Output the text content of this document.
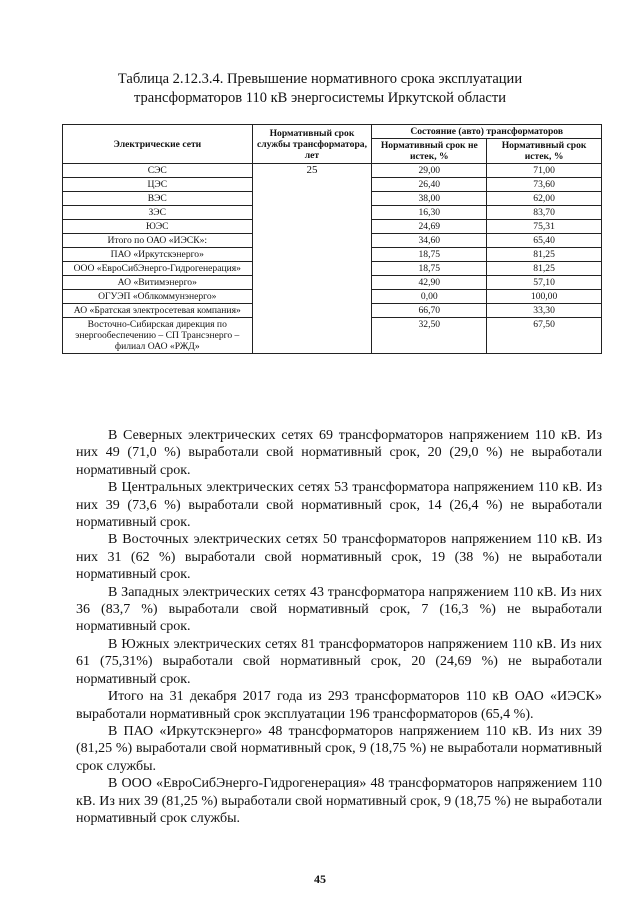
Таблица 2.12.3.4. Превышение нормативного срока эксплуатации
трансформаторов 110 кВ энергосистемы Иркутской области
Электрические сети	Нормативный срок службы трансформатора, лет	Состояние (авто) трансформаторов	
		Нормативный срок не истек, %	Нормативный срок истек, %
СЭС	25	29,00	71,00
ЦЭС		26,40	73,60
ВЭС		38,00	62,00
ЗЭС		16,30	83,70
ЮЭС		24,69	75,31
Итого по ОАО «ИЭСК»:		34,60	65,40
ПАО «Иркутскэнерго»		18,75	81,25
ООО «ЕвроСибЭнерго-Гидрогенерация»		18,75	81,25
АО «Витимэнерго»		42,90	57,10
ОГУЭП «Облкоммунэнерго»		0,00	100,00
АО «Братская электросетевая компания»		66,70	33,30
Восточно-Сибирская дирекция по энергообеспечению – СП Трансэнерго – филиал ОАО «РЖД»		32,50	67,50

В Северных электрических сетях 69 трансформаторов напряжением 110 кВ. Из них 49 (71,0 %) выработали свой нормативный срок, 20 (29,0 %) не выработали нормативный срок.

В Центральных электрических сетях 53 трансформатора напряжением 110 кВ. Из них 39 (73,6 %) выработали свой нормативный срок, 14 (26,4 %) не выработали нормативный срок.

В Восточных электрических сетях 50 трансформаторов напряжением 110 кВ. Из них 31 (62 %) выработали свой нормативный срок, 19 (38 %) не выработали нормативный срок.

В Западных электрических сетях 43 трансформатора напряжением 110 кВ. Из них 36 (83,7 %) выработали свой нормативный срок, 7 (16,3 %) не выработали нормативный срок.

В Южных электрических сетях 81 трансформаторов напряжением 110 кВ. Из них 61 (75,31%) выработали свой нормативный срок, 20 (24,69 %) не выработали нормативный срок.

Итого на 31 декабря 2017 года из 293 трансформаторов 110 кВ ОАО «ИЭСК» выработали нормативный срок эксплуатации 196 трансформаторов (65,4 %).

В ПАО «Иркутскэнерго» 48 трансформаторов напряжением 110 кВ. Из них 39 (81,25 %) выработали свой нормативный срок, 9 (18,75 %) не выработали нормативный срок службы.

В ООО «ЕвроСибЭнерго-Гидрогенерация» 48 трансформаторов напряжением 110 кВ. Из них 39 (81,25 %) выработали свой нормативный срок, 9 (18,75 %) не выработали нормативный срок службы.

45
